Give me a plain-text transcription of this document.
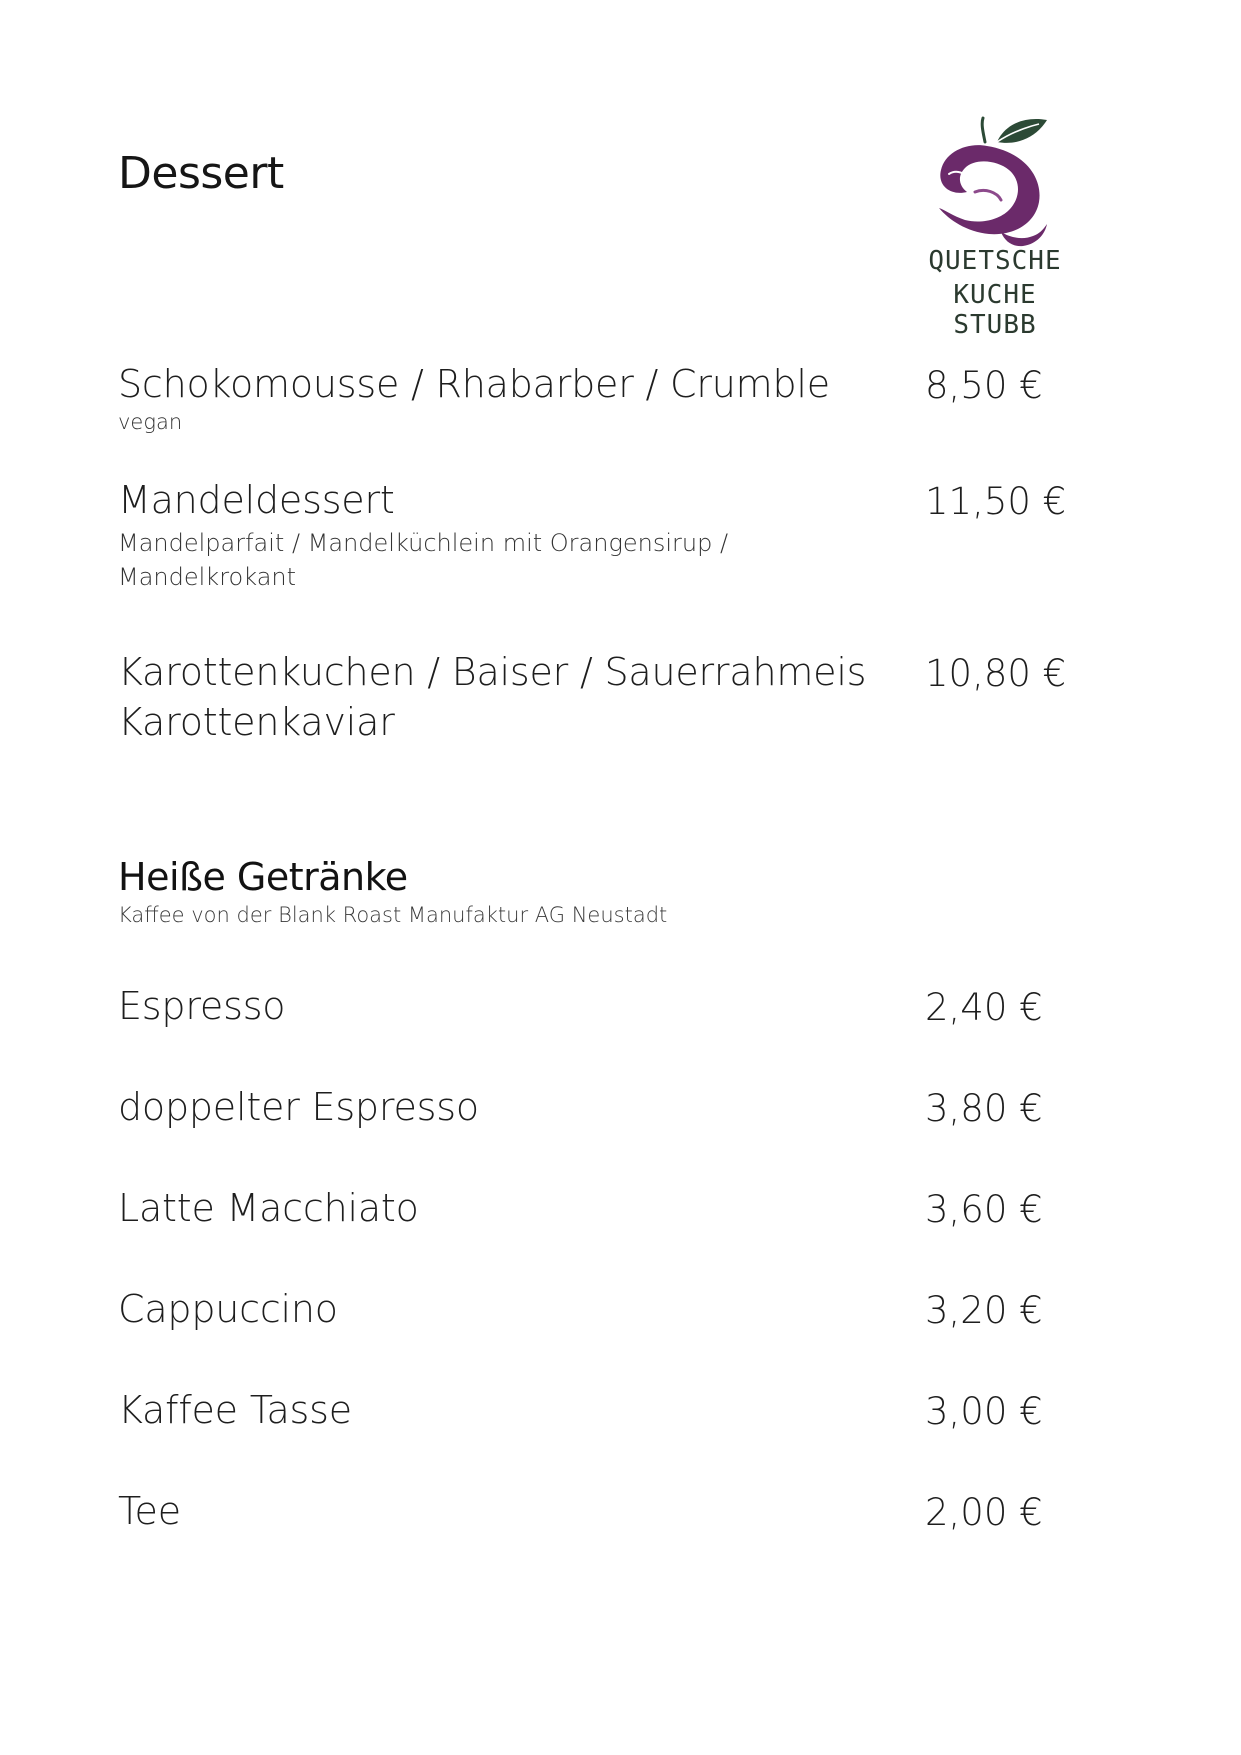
Dessert
QUETSCHE
KUCHE STUBB
Schokomousse / Rhabarber / Crumble
vegan
8,50 €
Mandeldessert
Mandelparfait / Mandelküchlein mit Orangensirup /
Mandelkrokant
11,50 €
Karottenkuchen / Baiser / Sauerrahmeis
Karottenkaviar
10,80 €
Heiße Getränke
Kaffee von der Blank Roast Manufaktur AG Neustadt
Espresso	2,40 €
doppelter Espresso	3,80 €
Latte Macchiato	3,60 €
Cappuccino	3,20 €
Kaffee Tasse	3,00 €
Tee	2,00 €
